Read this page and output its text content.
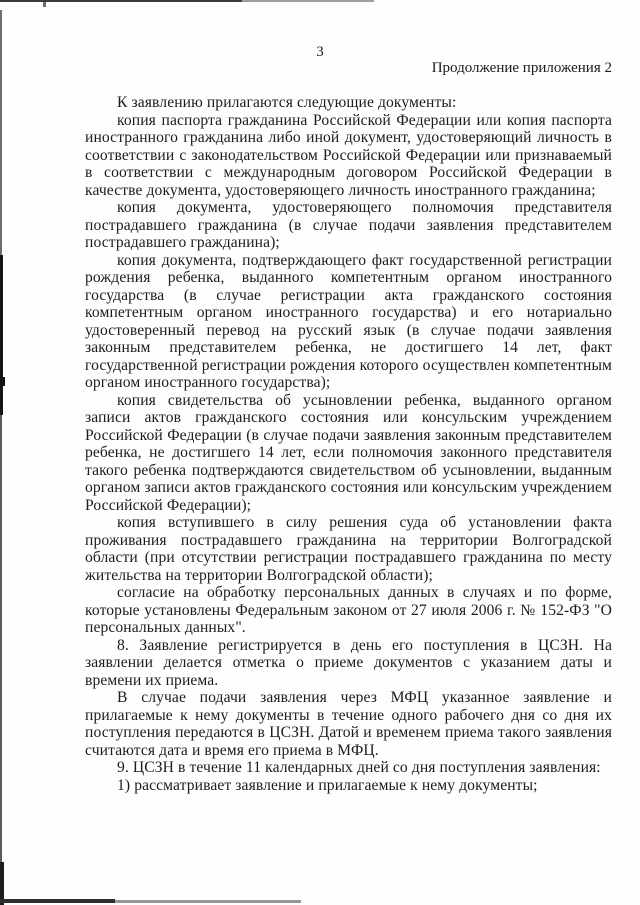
3
Продолжение приложения 2

К заявлению прилагаются следующие документы:

копия паспорта гражданина Российской Федерации или копия паспорта иностранного гражданина либо иной документ, удостоверяющий личность в соответствии с законодательством Российской Федерации или признаваемый в соответствии с международным договором Российской Федерации в качестве документа, удостоверяющего личность иностранного гражданина;

копия документа, удостоверяющего полномочия представителя пострадавшего гражданина (в случае подачи заявления представителем пострадавшего гражданина);

копия документа, подтверждающего факт государственной регистрации рождения ребенка, выданного компетентным органом иностранного государства (в случае регистрации акта гражданского состояния компетентным органом иностранного государства) и его нотариально удостоверенный перевод на русский язык (в случае подачи заявления законным представителем ребенка, не достигшего 14 лет, факт государственной регистрации рождения которого осуществлен компетентным органом иностранного государства);

копия свидетельства об усыновлении ребенка, выданного органом записи актов гражданского состояния или консульским учреждением Российской Федерации (в случае подачи заявления законным представителем ребенка, не достигшего 14 лет, если полномочия законного представителя такого ребенка подтверждаются свидетельством об усыновлении, выданным органом записи актов гражданского состояния или консульским учреждением Российской Федерации);

копия вступившего в силу решения суда об установлении факта проживания пострадавшего гражданина на территории Волгоградской области (при отсутствии регистрации пострадавшего гражданина по месту жительства на территории Волгоградской области);

согласие на обработку персональных данных в случаях и по форме, которые установлены Федеральным законом от 27 июля 2006 г. № 152-ФЗ "О персональных данных".

8. Заявление регистрируется в день его поступления в ЦСЗН. На заявлении делается отметка о приеме документов с указанием даты и времени их приема.

В случае подачи заявления через МФЦ указанное заявление и прилагаемые к нему документы в течение одного рабочего дня со дня их поступления передаются в ЦСЗН. Датой и временем приема такого заявления считаются дата и время его приема в МФЦ.

9. ЦСЗН в течение 11 календарных дней со дня поступления заявления:

1) рассматривает заявление и прилагаемые к нему документы;
